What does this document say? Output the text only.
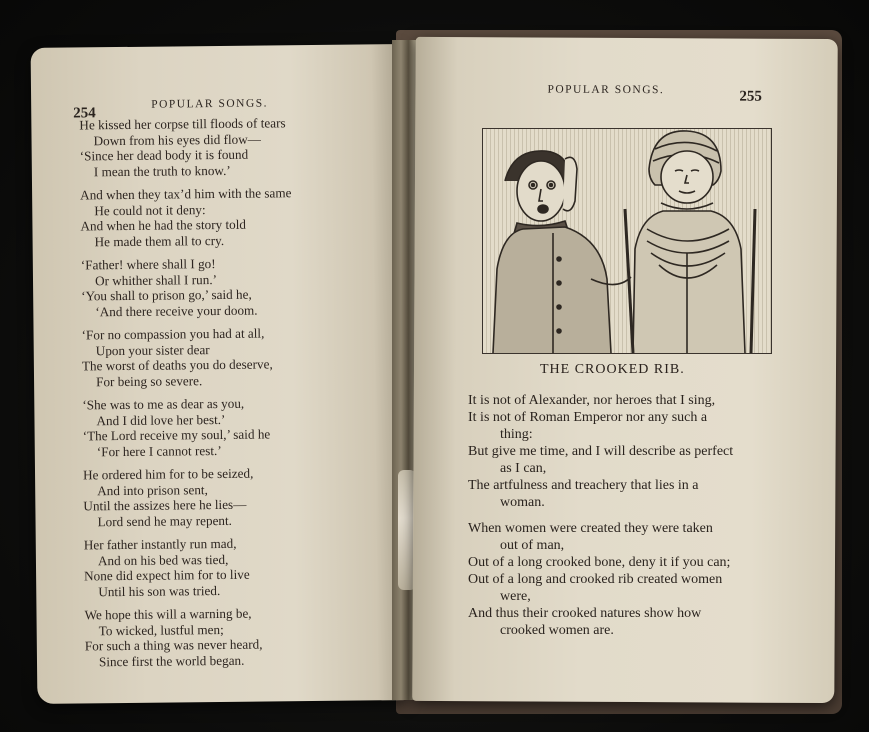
254
POPULAR SONGS.
He kissed her corpse till floods of tears
Down from his eyes did flow—
‘Since her dead body it is found
I mean the truth to know.’
And when they tax’d him with the same
He could not it deny:
And when he had the story told
He made them all to cry.
‘Father! where shall I go!
Or whither shall I run.’
‘You shall to prison go,’ said he,
‘And there receive your doom.
‘For no compassion you had at all,
Upon your sister dear
The worst of deaths you do deserve,
For being so severe.
‘She was to me as dear as you,
And I did love her best.’
‘The Lord receive my soul,’ said he
‘For here I cannot rest.’
He ordered him for to be seized,
And into prison sent,
Until the assizes here he lies—
Lord send he may repent.
Her father instantly run mad,
And on his bed was tied,
None did expect him for to live
Until his son was tried.
We hope this will a warning be,
To wicked, lustful men;
For such a thing was never heard,
Since first the world began.
POPULAR SONGS.	255
THE CROOKED RIB.
It is not of Alexander, nor heroes that I sing,
It is not of Roman Emperor nor any such a
thing:
But give me time, and I will describe as perfect
as I can,
The artfulness and treachery that lies in a
woman.
When women were created they were taken
out of man,
Out of a long crooked bone, deny it if you can;
Out of a long and crooked rib created women
were,
And thus their crooked natures show how
crooked women are.
